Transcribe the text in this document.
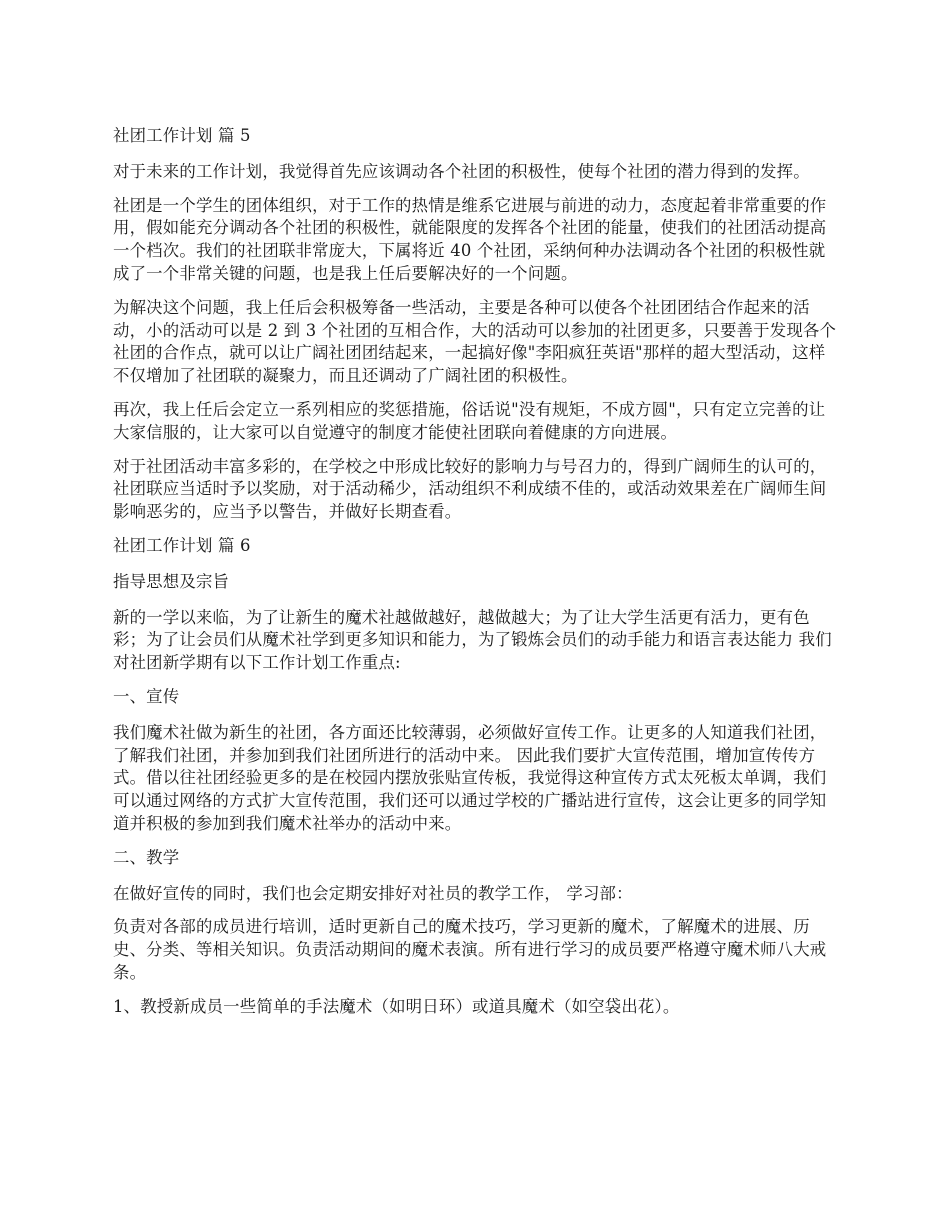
社团工作计划 篇 5

对于未来的工作计划，我觉得首先应该调动各个社团的积极性，使每个社团的潜力得到的发挥。

社团是一个学生的团体组织，对于工作的热情是维系它进展与前进的动力，态度起着非常重要的作用，假如能充分调动各个社团的积极性，就能限度的发挥各个社团的能量，使我们的社团活动提高一个档次。我们的社团联非常庞大，下属将近 40 个社团，采纳何种办法调动各个社团的积极性就成了一个非常关键的问题，也是我上任后要解决好的一个问题。

为解决这个问题，我上任后会积极筹备一些活动，主要是各种可以使各个社团团结合作起来的活动，小的活动可以是 2 到 3 个社团的互相合作，大的活动可以参加的社团更多，只要善于发现各个社团的合作点，就可以让广阔社团团结起来，一起搞好像"李阳疯狂英语"那样的超大型活动，这样不仅增加了社团联的凝聚力，而且还调动了广阔社团的积极性。

再次，我上任后会定立一系列相应的奖惩措施，俗话说"没有规矩，不成方圆"，只有定立完善的让大家信服的，让大家可以自觉遵守的制度才能使社团联向着健康的方向进展。

对于社团活动丰富多彩的，在学校之中形成比较好的影响力与号召力的，得到广阔师生的认可的，社团联应当适时予以奖励，对于活动稀少，活动组织不利成绩不佳的，或活动效果差在广阔师生间影响恶劣的，应当予以警告，并做好长期查看。

社团工作计划 篇 6

指导思想及宗旨

新的一学以来临，为了让新生的魔术社越做越好，越做越大；为了让大学生活更有活力，更有色彩；为了让会员们从魔术社学到更多知识和能力，为了锻炼会员们的动手能力和语言表达能力 我们对社团新学期有以下工作计划工作重点:

一、宣传

我们魔术社做为新生的社团，各方面还比较薄弱，必须做好宣传工作。让更多的人知道我们社团，了解我们社团，并参加到我们社团所进行的活动中来。 因此我们要扩大宣传范围，增加宣传传方式。借以往社团经验更多的是在校园内摆放张贴宣传板，我觉得这种宣传方式太死板太单调，我们可以通过网络的方式扩大宣传范围，我们还可以通过学校的广播站进行宣传，这会让更多的同学知道并积极的参加到我们魔术社举办的活动中来。

二、教学

在做好宣传的同时，我们也会定期安排好对社员的教学工作， 学习部：

负责对各部的成员进行培训，适时更新自己的魔术技巧，学习更新的魔术，了解魔术的进展、历史、分类、等相关知识。负责活动期间的魔术表演。所有进行学习的成员要严格遵守魔术师八大戒条。

1、教授新成员一些简单的手法魔术（如明日环）或道具魔术（如空袋出花）。
